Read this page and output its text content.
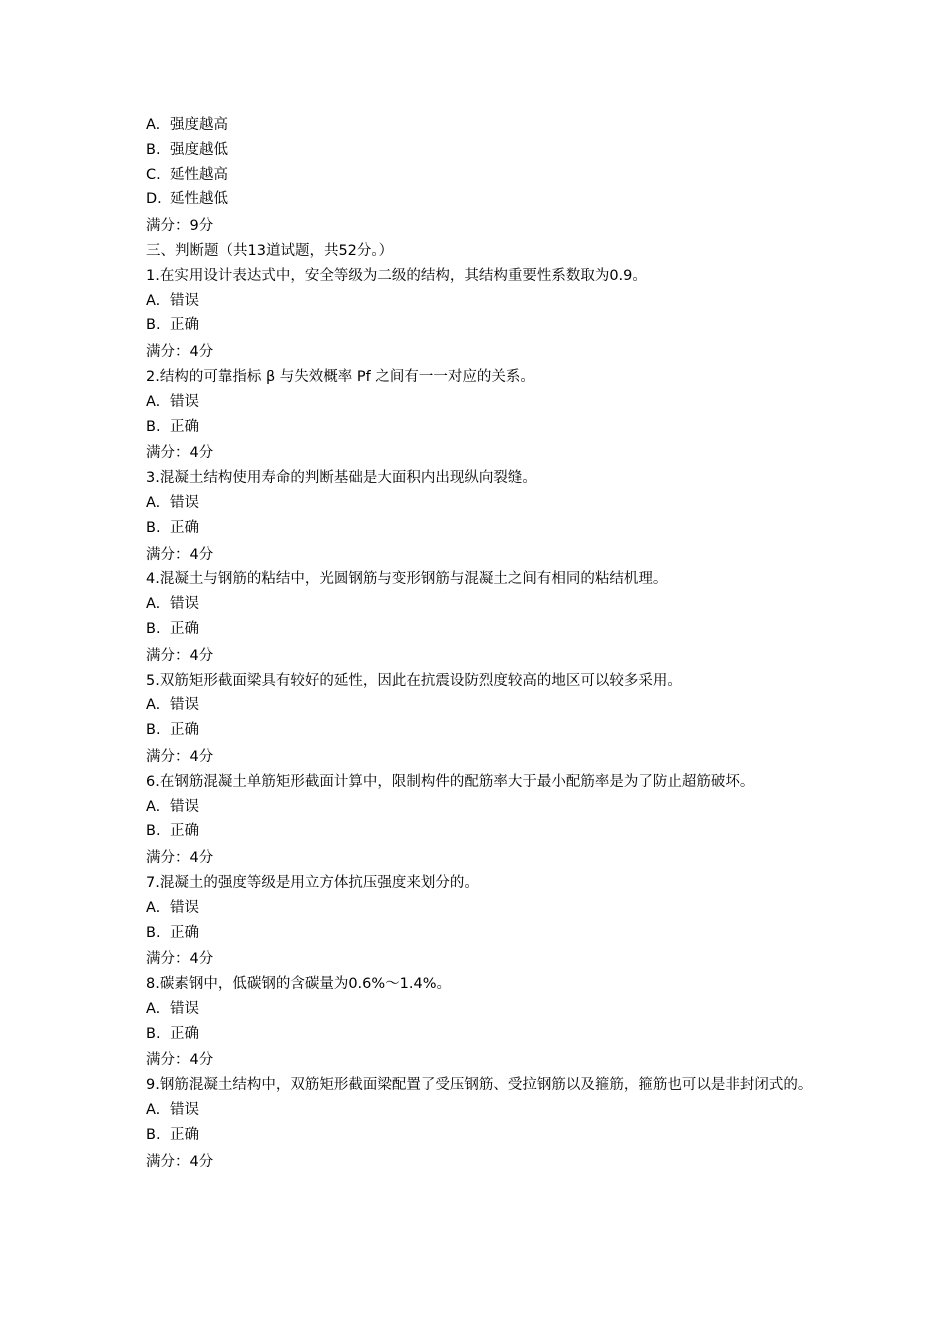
A. 强度越高
B. 强度越低
C. 延性越高
D. 延性越低
满分：9分
三、判断题（共13道试题，共52分。）
1.在实用设计表达式中，安全等级为二级的结构，其结构重要性系数取为0.9。
A. 错误
B. 正确
满分：4分
2.结构的可靠指标 β 与失效概率 Pf 之间有一一对应的关系。
A. 错误
B. 正确
满分：4分
3.混凝土结构使用寿命的判断基础是大面积内出现纵向裂缝。
A. 错误
B. 正确
满分：4分
4.混凝土与钢筋的粘结中，光圆钢筋与变形钢筋与混凝土之间有相同的粘结机理。
A. 错误
B. 正确
满分：4分
5.双筋矩形截面梁具有较好的延性，因此在抗震设防烈度较高的地区可以较多采用。
A. 错误
B. 正确
满分：4分
6.在钢筋混凝土单筋矩形截面计算中，限制构件的配筋率大于最小配筋率是为了防止超筋破坏。
A. 错误
B. 正确
满分：4分
7.混凝土的强度等级是用立方体抗压强度来划分的。
A. 错误
B. 正确
满分：4分
8.碳素钢中，低碳钢的含碳量为0.6%～1.4%。
A. 错误
B. 正确
满分：4分
9.钢筋混凝土结构中，双筋矩形截面梁配置了受压钢筋、受拉钢筋以及箍筋，箍筋也可以是非封闭式的。
A. 错误
B. 正确
满分：4分
